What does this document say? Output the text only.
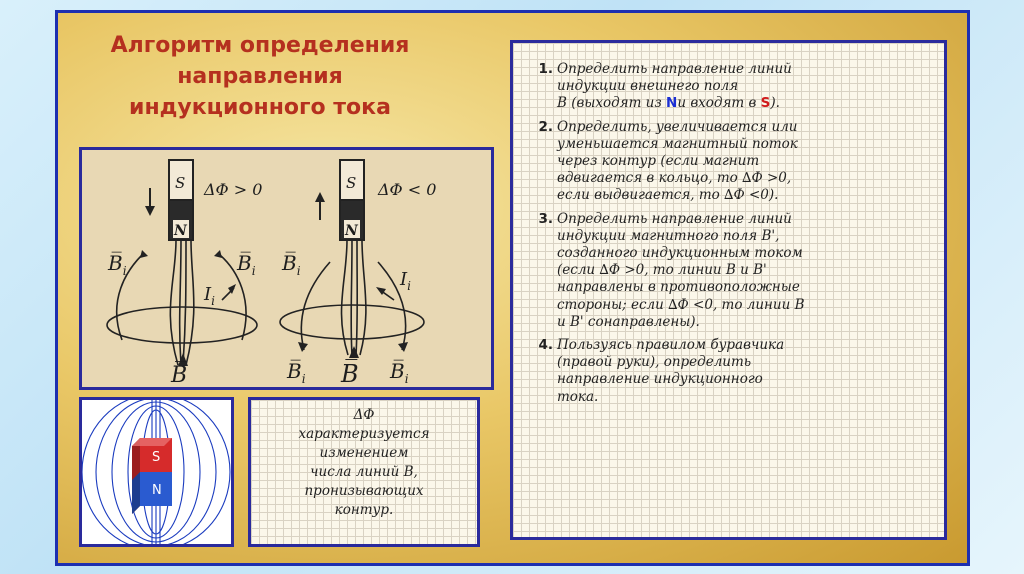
Алгоритм определения
направления
индукционного тока
S
N
ΔΦ > 0
$B̅_i$	$B̅_i$
$I_i$
B̅
S
N
ΔΦ < 0
$B̅_i$	$I_i$
$B̅_i$ B̅ $B̅_i$
S
N
ΔΦ
характеризуется
изменением
числа линий В,
пронизывающих
контур.
1. Определить направление линий
индукции внешнего поля
В (выходят из Nи входят в S).
2. Определить, увеличивается или
уменьшается магнитный поток
через контур (если магнит
вдвигается в кольцо, то ∆Ф >0,
если выдвигается, то ∆Ф <0).
3. Определить направление линий
индукции магнитного поля B',
созданного индукционным током
(если ∆Ф >0, то линии В и B'
направлены в противоположные
стороны; если ∆Ф <0, то линии В
и B' сонаправлены).
4. Пользуясь правилом буравчика
(правой руки), определить
направление индукционного
тока.
